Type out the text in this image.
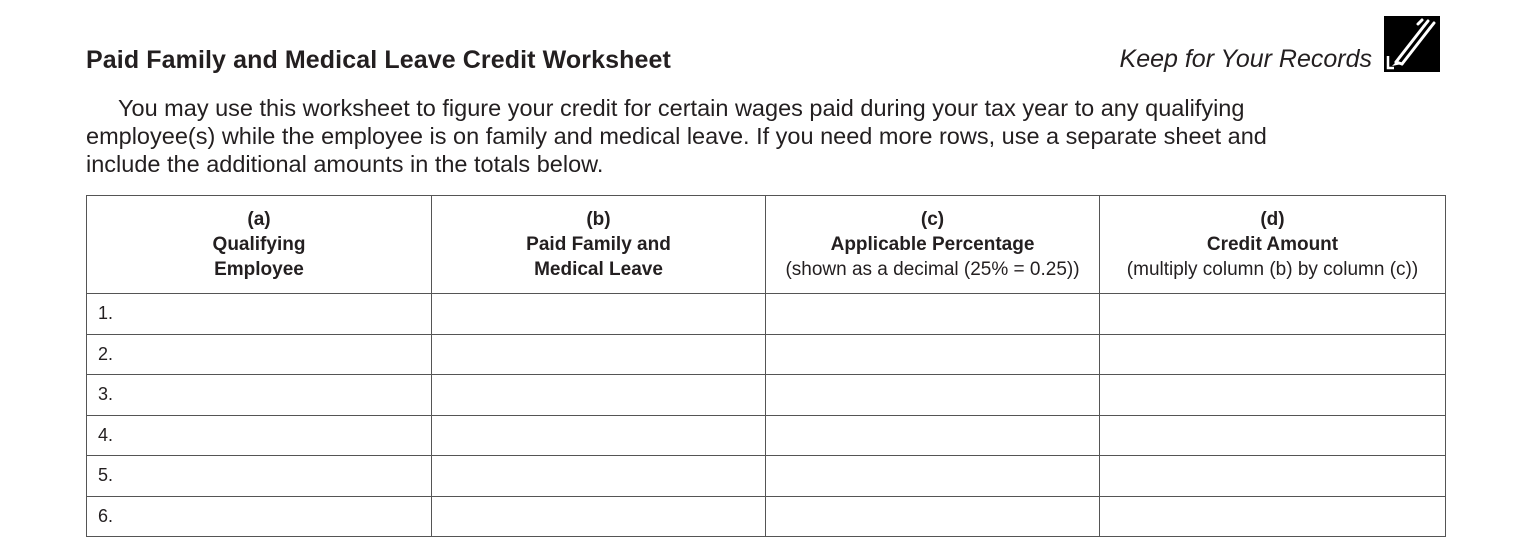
Paid Family and Medical Leave Credit Worksheet	Keep for Your Records

You may use this worksheet to figure your credit for certain wages paid during your tax year to any qualifying

employee(s) while the employee is on family and medical leave. If you need more rows, use a separate sheet and

include the additional amounts in the totals below.

(a)
Qualifying
Employee	(b)
Paid Family and
Medical Leave	(c)
Applicable Percentage
(shown as a decimal (25% = 0.25))	(d)
Credit Amount
(multiply column (b) by column (c))

1.			
2.			
3.			
4.			
5.			
6.			
